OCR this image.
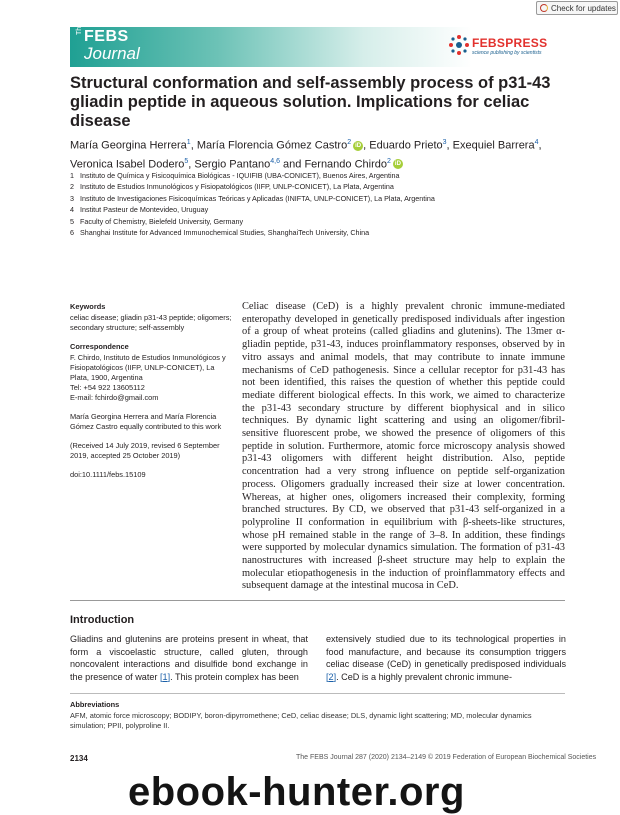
Check for updates
The FEBS
Journal
FEBSPRESS
science publishing by scientists
Structural conformation and self-assembly process of p31-43 gliadin peptide in aqueous solution. Implications for celiac disease
María Georgina Herrera$^1$, María Florencia Gómez Castro$^2$ iD , Eduardo Prieto$^3$, Exequiel Barrera$^4$, Veronica Isabel Dodero$^5$, Sergio Pantano$^{4,6}$ and Fernando Chirdo$^2$ iD
1 Instituto de Química y Fisicoquímica Biológicas - IQUIFIB (UBA-CONICET), Buenos Aires, Argentina
2 Instituto de Estudios Inmunológicos y Fisiopatológicos (IIFP, UNLP-CONICET), La Plata, Argentina
3 Instituto de Investigaciones Fisicoquímicas Teóricas y Aplicadas (INIFTA, UNLP-CONICET), La Plata, Argentina
4 Institut Pasteur de Montevideo, Uruguay
5 Faculty of Chemistry, Bielefeld University, Germany
6 Shanghai Institute for Advanced Immunochemical Studies, ShanghaiTech University, China
Keywords
celiac disease; gliadin p31-43 peptide; oligomers; secondary structure; self-assembly
Correspondence
F. Chirdo, Instituto de Estudios Inmunológicos y Fisiopatológicos (IIFP, UNLP-CONICET), La Plata, 1900, Argentina
Tel: +54 922 13605112
E-mail: fchirdo@gmail.com
María Georgina Herrera and María Florencia Gómez Castro equally contributed to this work
(Received 14 July 2019, revised 6 September 2019, accepted 25 October 2019)
doi:10.1111/febs.15109
Celiac disease (CeD) is a highly prevalent chronic immune-mediated enteropathy developed in genetically predisposed individuals after ingestion of a group of wheat proteins (called gliadins and glutenins). The 13mer α-gliadin peptide, p31-43, induces proinflammatory responses, observed by in vitro assays and animal models, that may contribute to innate immune mechanisms of CeD pathogenesis. Since a cellular receptor for p31-43 has not been identified, this raises the question of whether this peptide could mediate different biological effects. In this work, we aimed to characterize the p31-43 secondary structure by different biophysical and in silico techniques. By dynamic light scattering and using an oligomer/fibril-sensitive fluorescent probe, we showed the presence of oligomers of this peptide in solution. Furthermore, atomic force microscopy analysis showed p31-43 oligomers with different height distribution. Also, peptide concentration had a very strong influence on peptide self-organization process. Oligomers gradually increased their size at lower concentration. Whereas, at higher ones, oligomers increased their complexity, forming branched structures. By CD, we observed that p31-43 self-organized in a polyproline II conformation in equilibrium with β-sheets-like structures, whose pH remained stable in the range of 3–8. In addition, these findings were supported by molecular dynamics simulation. The formation of p31-43 nanostructures with increased β-sheet structure may help to explain the molecular etiopathogenesis in the induction of proinflammatory effects and subsequent damage at the intestinal mucosa in CeD.
Introduction
Gliadins and glutenins are proteins present in wheat, that form a viscoelastic structure, called gluten, through noncovalent interactions and disulfide bond exchange in the presence of water [1]. This protein complex has been
extensively studied due to its technological properties in food manufacture, and because its consumption triggers celiac disease (CeD) in genetically predisposed individuals [2]. CeD is a highly prevalent chronic immune-
Abbreviations
AFM, atomic force microscopy; BODIPY, boron-dipyrromethene; CeD, celiac disease; DLS, dynamic light scattering; MD, molecular dynamics simulation; PPII, polyproline II.
2134	The FEBS Journal 287 (2020) 2134–2149 © 2019 Federation of European Biochemical Societies
ebook-hunter.org
